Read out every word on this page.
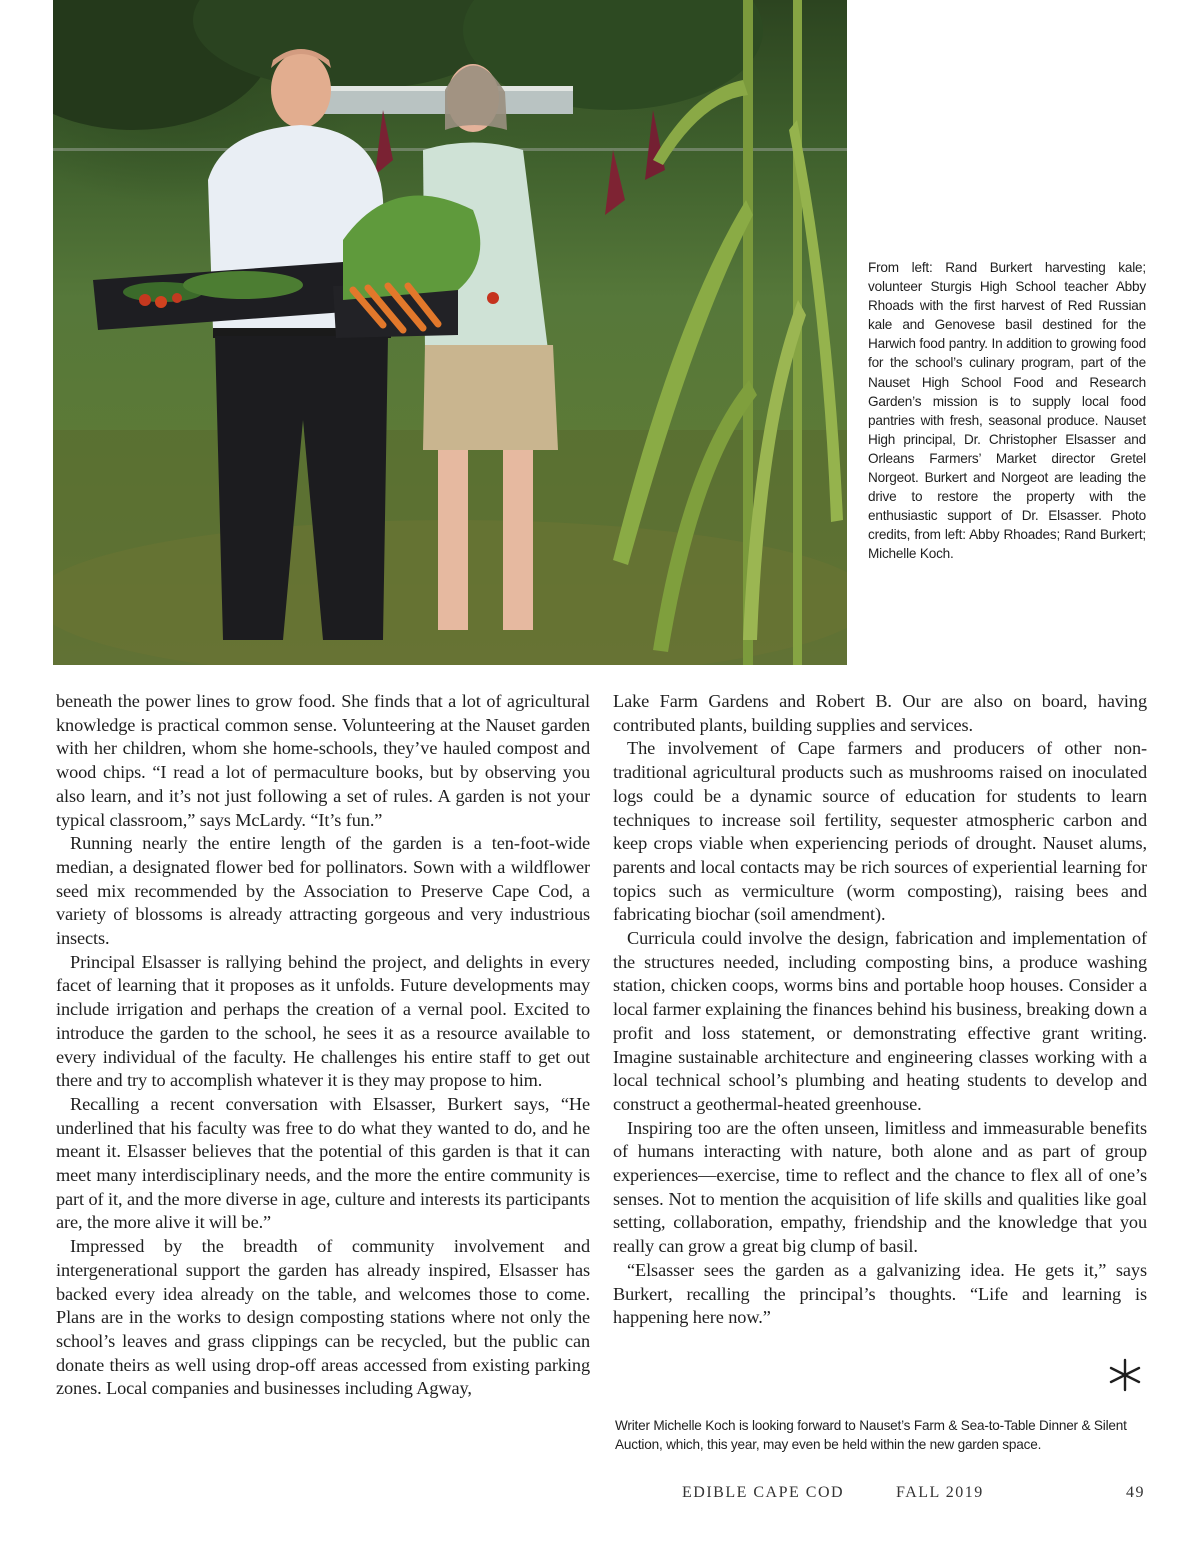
From left: Rand Burkert harvesting kale; volunteer Sturgis High School teacher Abby Rhoads with the first harvest of Red Russian kale and Genovese basil destined for the Harwich food pantry. In addition to growing food for the school’s culinary program, part of the Nauset High School Food and Research Garden’s mission is to supply local food pantries with fresh, seasonal produce. Nauset High principal, Dr. Christopher Elsasser and Orleans Farmers’ Market director Gretel Norgeot. Burkert and Norgeot are leading the drive to restore the property with the enthusiastic support of Dr. Elsasser. Photo credits, from left: Abby Rhoades; Rand Burkert; Michelle Koch.

beneath the power lines to grow food. She finds that a lot of agricultural knowledge is practical common sense. Volunteering at the Nauset garden with her children, whom she home-schools, they’ve hauled compost and wood chips. “I read a lot of permaculture books, but by observing you also learn, and it’s not just following a set of rules. A garden is not your typical classroom,” says McLardy. “It’s fun.”

Running nearly the entire length of the garden is a ten-foot-wide median, a designated flower bed for pollinators. Sown with a wildflower seed mix recommended by the Association to Preserve Cape Cod, a variety of blossoms is already attracting gorgeous and very industrious insects.

Principal Elsasser is rallying behind the project, and delights in every facet of learning that it proposes as it unfolds. Future developments may include irrigation and perhaps the creation of a vernal pool. Excited to introduce the garden to the school, he sees it as a resource available to every individual of the faculty. He challenges his entire staff to get out there and try to accomplish whatever it is they may propose to him.

Recalling a recent conversation with Elsasser, Burkert says, “He underlined that his faculty was free to do what they wanted to do, and he meant it. Elsasser believes that the potential of this garden is that it can meet many interdisciplinary needs, and the more the entire community is part of it, and the more diverse in age, culture and interests its participants are, the more alive it will be.”

Impressed by the breadth of community involvement and intergenerational support the garden has already inspired, Elsasser has backed every idea already on the table, and welcomes those to come. Plans are in the works to design composting stations where not only the school’s leaves and grass clippings can be recycled, but the public can donate theirs as well using drop-off areas accessed from existing parking zones. Local companies and businesses including Agway,

Lake Farm Gardens and Robert B. Our are also on board, having contributed plants, building supplies and services.

The involvement of Cape farmers and producers of other non-traditional agricultural products such as mushrooms raised on inoculated logs could be a dynamic source of education for students to learn techniques to increase soil fertility, sequester atmospheric carbon and keep crops viable when experiencing periods of drought. Nauset alums, parents and local contacts may be rich sources of experiential learning for topics such as vermiculture (worm composting), raising bees and fabricating biochar (soil amendment).

Curricula could involve the design, fabrication and implementation of the structures needed, including composting bins, a produce washing station, chicken coops, worms bins and portable hoop houses. Consider a local farmer explaining the finances behind his business, breaking down a profit and loss statement, or demonstrating effective grant writing. Imagine sustainable architecture and engineering classes working with a local technical school’s plumbing and heating students to develop and construct a geothermal-heated greenhouse.

Inspiring too are the often unseen, limitless and immeasurable benefits of humans interacting with nature, both alone and as part of group experiences—exercise, time to reflect and the chance to flex all of one’s senses. Not to mention the acquisition of life skills and qualities like goal setting, collaboration, empathy, friendship and the knowledge that you really can grow a great big clump of basil.

“Elsasser sees the garden as a galvanizing idea. He gets it,” says Burkert, recalling the principal’s thoughts. “Life and learning is happening here now.”

Writer Michelle Koch is looking forward to Nauset’s Farm & Sea-to-Table Dinner & Silent Auction, which, this year, may even be held within the new garden space.
EDIBLE CAPE COD	FALL 2019	49
